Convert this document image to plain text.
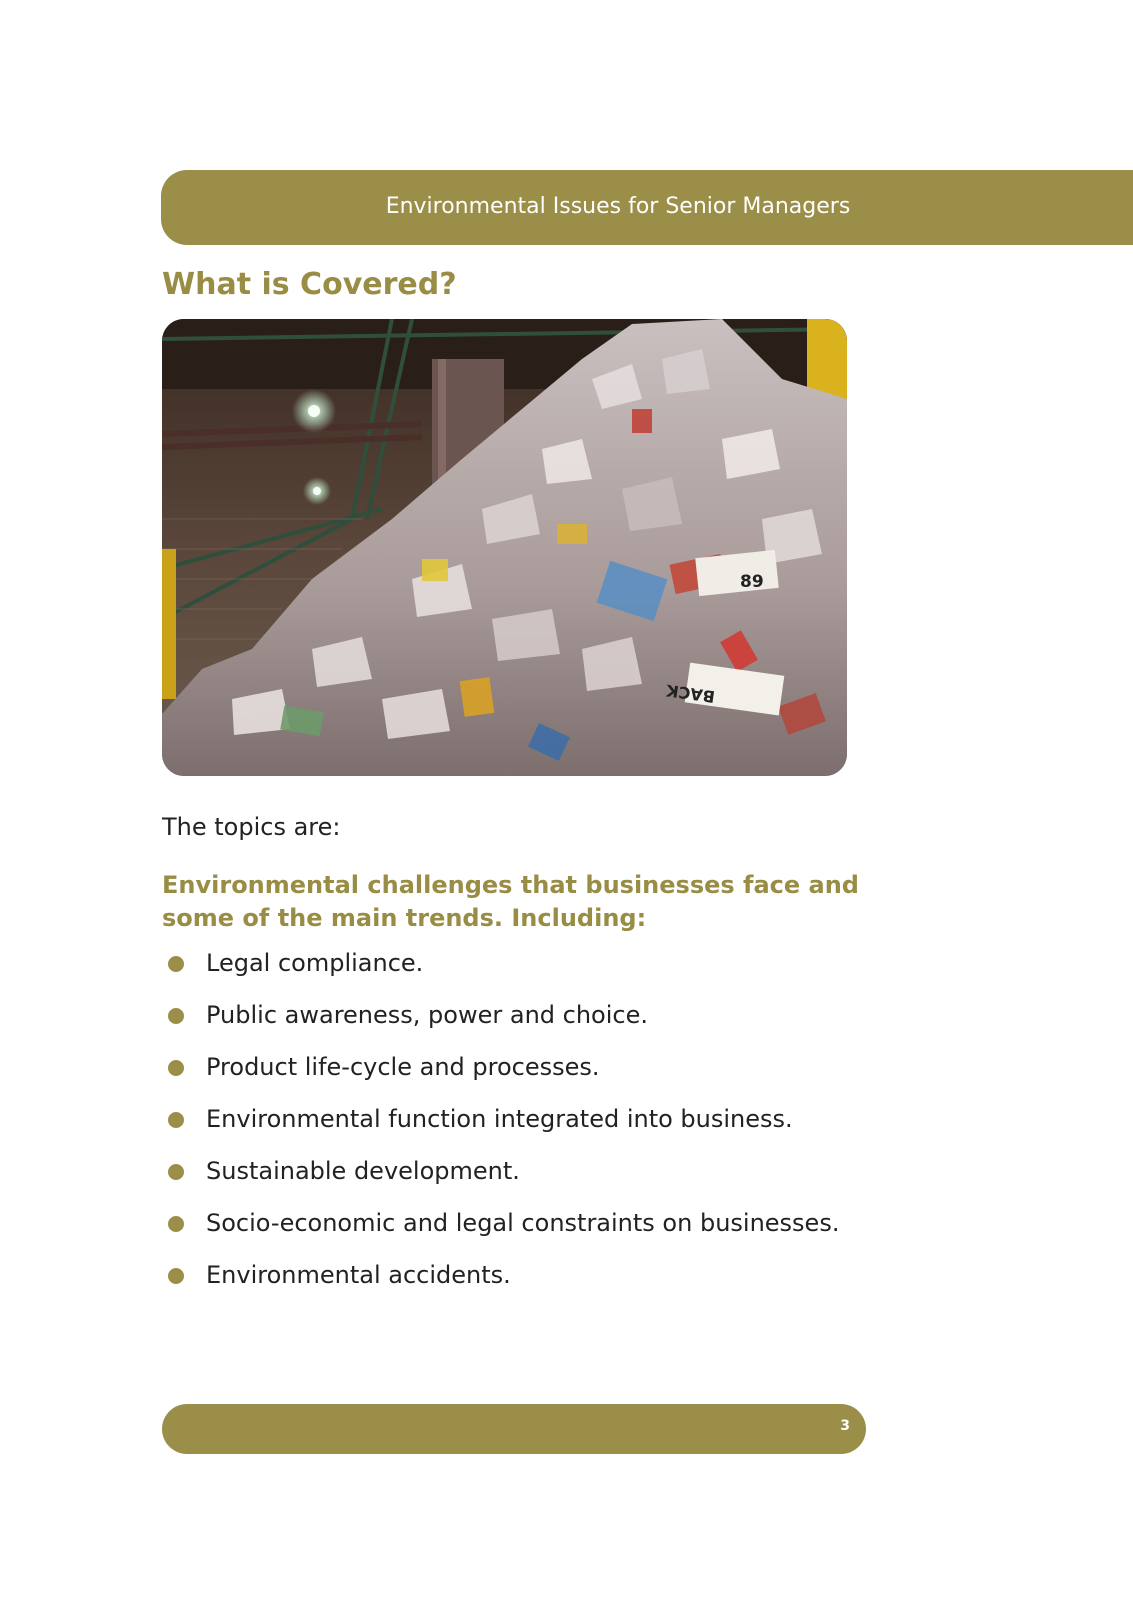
Environmental Issues for Senior Managers
What is Covered?
89
BACK

The topics are:

Environmental challenges that businesses face and some of the main trends. Including:
Legal compliance.
Public awareness, power and choice.
Product life-cycle and processes.
Environmental function integrated into business.
Sustainable development.
Socio-economic and legal constraints on businesses.
Environmental accidents.
3
